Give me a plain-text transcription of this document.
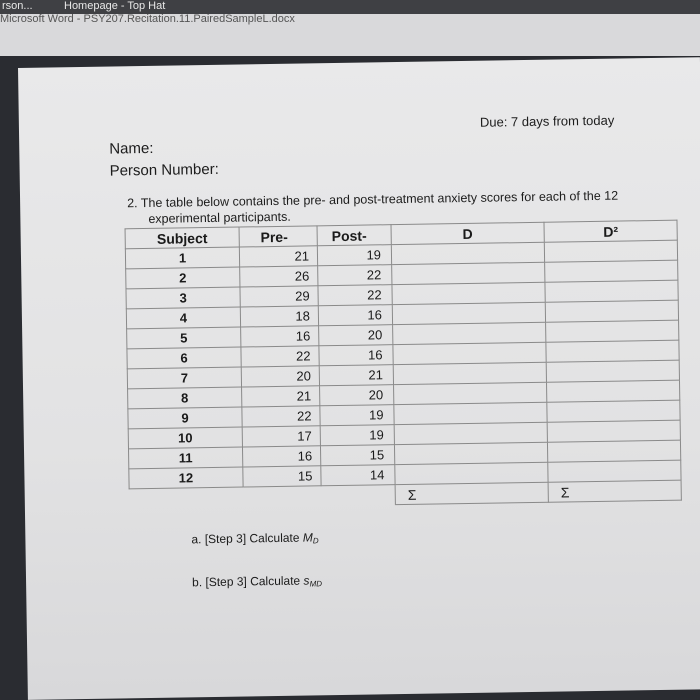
rson...	Homepage - Top Hat
Microsoft Word - PSY207.Recitation.11.PairedSampleL.docx
Due: 7 days from today
Name:
Person Number:
2. The table below contains the pre- and post-treatment anxiety scores for each of the 12
experimental participants.
Subject	Pre-	Post-	D	D²
1	21	19		
2	26	22		
3	29	22		
4	18	16		
5	16	20		
6	22	16		
7	20	21		
8	21	20		
9	22	19		
10	17	19		
11	16	15		
12	15	14		
			Σ	Σ
a. [Step 3] Calculate $M_D$
b. [Step 3] Calculate $s_{MD}$
